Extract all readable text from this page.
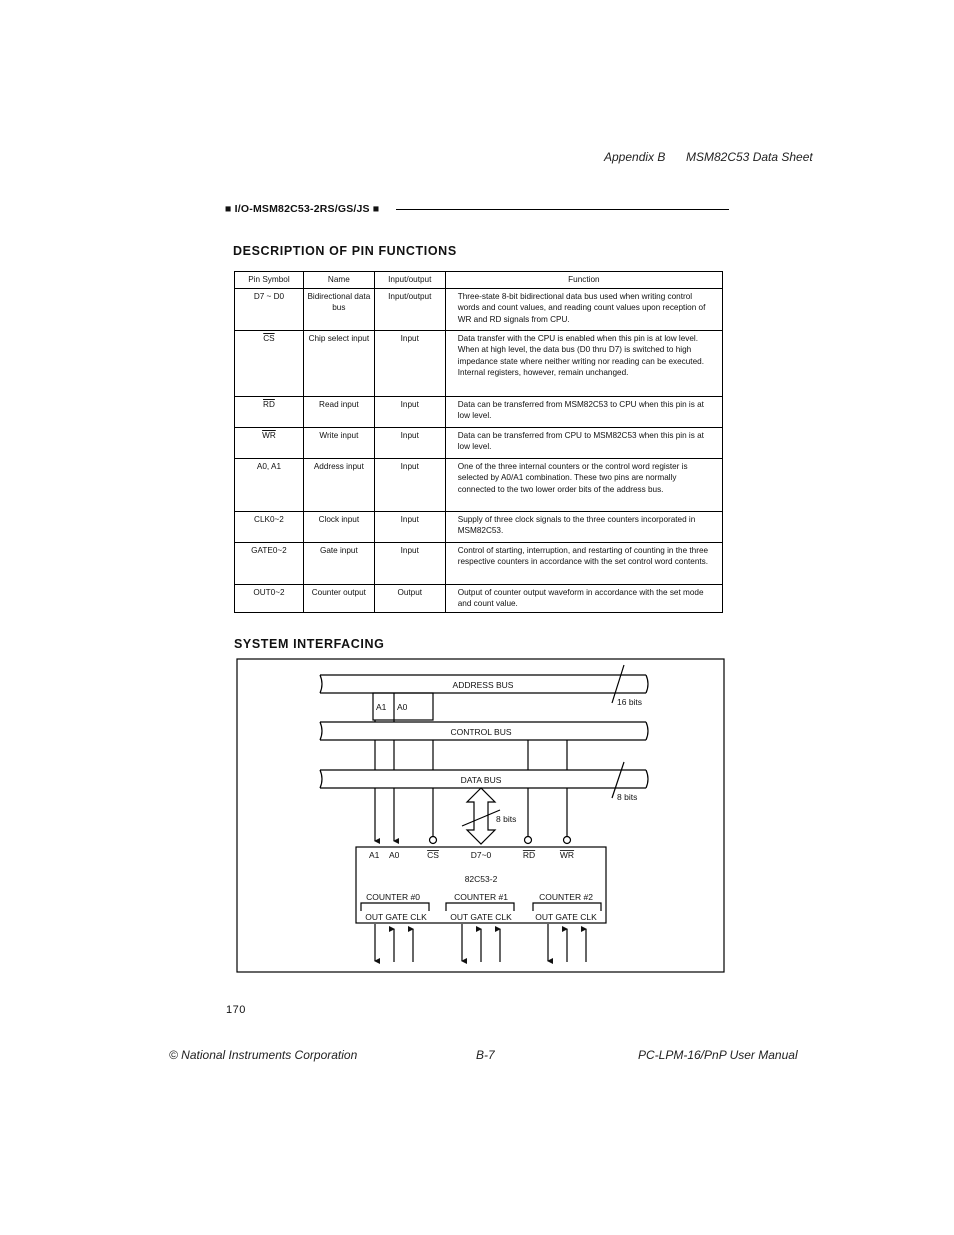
Appendix B MSM82C53 Data Sheet
■ I/O-MSM82C53-2RS/GS/JS ■
DESCRIPTION OF PIN FUNCTIONS
Pin Symbol	Name	Input/output	Function
D7 ~ D0	Bidirectional data bus	Input/output	Three-state 8-bit bidirectional data bus used when writing control words and count values, and reading count values upon reception of WR and RD signals from CPU.
$\overline{CS}$	Chip select input	Input	Data transfer with the CPU is enabled when this pin is at low level. When at high level, the data bus (D0 thru D7) is switched to high impedance state where neither writing nor reading can be executed. Internal registers, however, remain unchanged.
$\overline{RD}$	Read input	Input	Data can be transferred from MSM82C53 to CPU when this pin is at low level.
$\overline{WR}$	Write input	Input	Data can be transferred from CPU to MSM82C53 when this pin is at low level.
A0, A1	Address input	Input	One of the three internal counters or the control word register is selected by A0/A1 combination. These two pins are normally connected to the two lower order bits of the address bus.
CLK0~2	Clock input	Input	Supply of three clock signals to the three counters incorporated in MSM82C53.
GATE0~2	Gate input	Input	Control of starting, interruption, and restarting of counting in the three respective counters in accordance with the set control word contents.
OUT0~2	Counter output	Output	Output of counter output waveform in accordance with the set mode and count value.
SYSTEM INTERFACING
ADDRESS BUS
16 bits
A1 A0
CONTROL BUS
DATA BUS
8 bits
8 bits
A1 A0	CS	D7~0	RD	WR
82C53-2
COUNTER #0	COUNTER #1	COUNTER #2
OUT GATE CLK	OUT GATE CLK	OUT GATE CLK
170
© National Instruments Corporation	B-7	PC-LPM-16/PnP User Manual
